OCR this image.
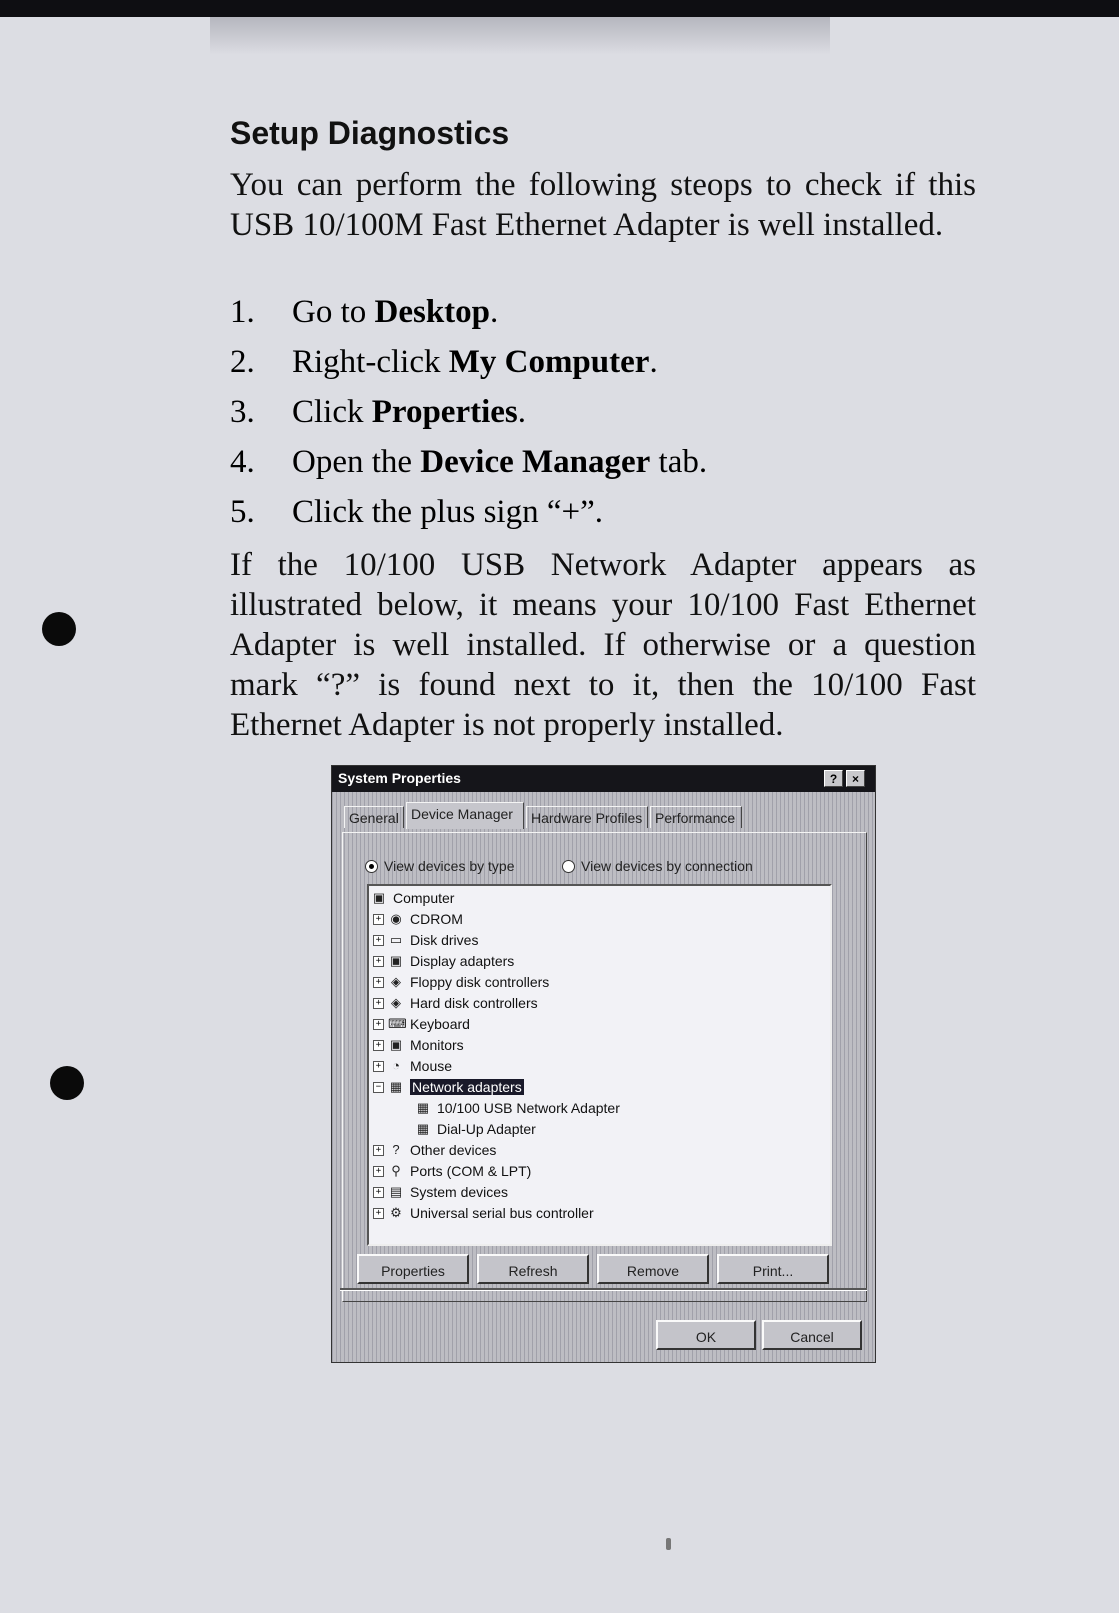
Setup Diagnostics

You can perform the following steops to check if this USB 10/100M Fast Ethernet Adapter is well installed.

1.	Go to Desktop.
2.	Right-click My Computer.
3.	Click Properties.
4.	Open the Device Manager tab.
5.	Click the plus sign “+”.

If the 10/100 USB Network Adapter appears as illustrated below, it means your 10/100 Fast Ethernet Adapter is well installed. If otherwise or a question mark “?” is found next to it, then the 10/100 Fast Ethernet Adapter is not properly installed.

System Properties	?	×
General Device Manager	Hardware Profiles Performance
View devices by type	View devices by connection
▣ Computer
+ ◉ CDROM
+ ▭ Disk drives
+ ▣ Display adapters
+ ◈ Floppy disk controllers
+ ◈ Hard disk controllers
+ ⌨ Keyboard
+ ▣ Monitors
+ ◔ Mouse
− ▦ Network adapters
▦ 10/100 USB Network Adapter
▦ Dial-Up Adapter
+ ? Other devices
+ ⚲ Ports (COM & LPT)
+ ▤ System devices
+ ⚙ Universal serial bus controller
Properties	Refresh	Remove	Print...
OK	Cancel
